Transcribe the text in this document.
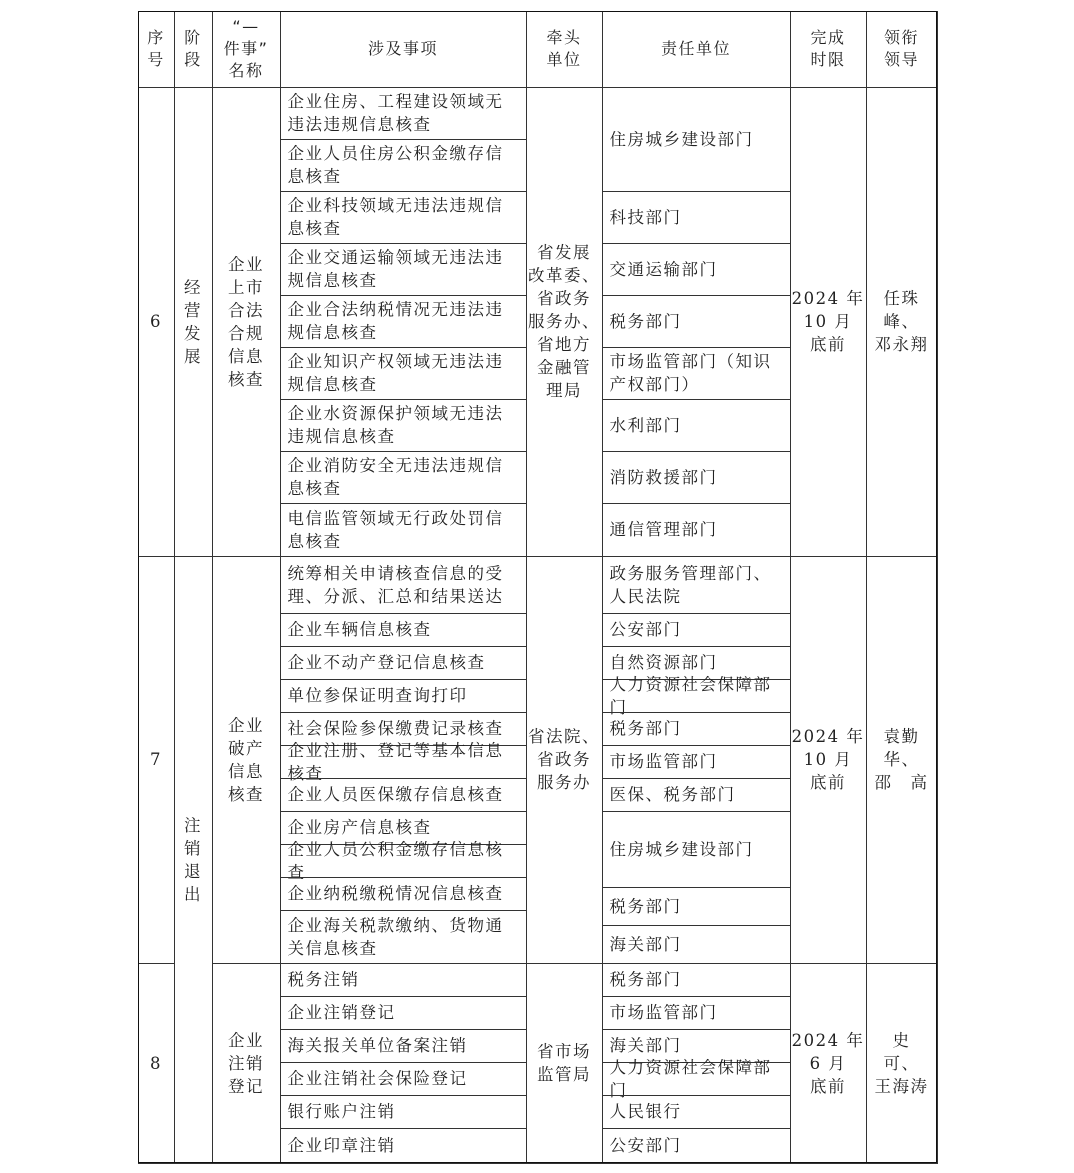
序
号
阶
段
“—
件事”
名称
涉及事项
牵头
单位
责任单位
完成
时限
领衔
领导
6
经
营
发
展
企业
上市
合法
合规
信息
核查
企业住房、工程建设领域无违法违规信息核查
企业人员住房公积金缴存信息核查
企业科技领域无违法违规信息核查
企业交通运输领域无违法违规信息核查
企业合法纳税情况无违法违规信息核查
企业知识产权领域无违法违规信息核查
企业水资源保护领域无违法违规信息核查
企业消防安全无违法违规信息核查
电信监管领域无行政处罚信息核查
省发展
改革委、
省政务
服务办、
省地方
金融管
理局
住房城乡建设部门
科技部门
交通运输部门
税务部门
市场监管部门（知识产权部门）
水利部门
消防救援部门
通信管理部门
2024 年
10 月
底前
任珠峰、
邓永翔
7
注
销
退
出
企业
破产
信息
核查
统筹相关申请核查信息的受理、分派、汇总和结果送达
企业车辆信息核查
企业不动产登记信息核查
单位参保证明查询打印
社会保险参保缴费记录核查
企业注册、登记等基本信息核查
企业人员医保缴存信息核查
企业房产信息核查
企业人员公积金缴存信息核查
企业纳税缴税情况信息核查
企业海关税款缴纳、货物通关信息核查
省法院、
省政务
服务办
政务服务管理部门、人民法院
公安部门
自然资源部门
人力资源社会保障部门
税务部门
市场监管部门
医保、税务部门
住房城乡建设部门
税务部门
海关部门
2024 年
10 月
底前
袁勤华、
邵　高
8
企业
注销
登记
税务注销
企业注销登记
海关报关单位备案注销
企业注销社会保险登记
银行账户注销
企业印章注销
省市场
监管局
税务部门
市场监管部门
海关部门
人力资源社会保障部门
人民银行
公安部门
2024 年
6 月
底前
史　可、
王海涛
